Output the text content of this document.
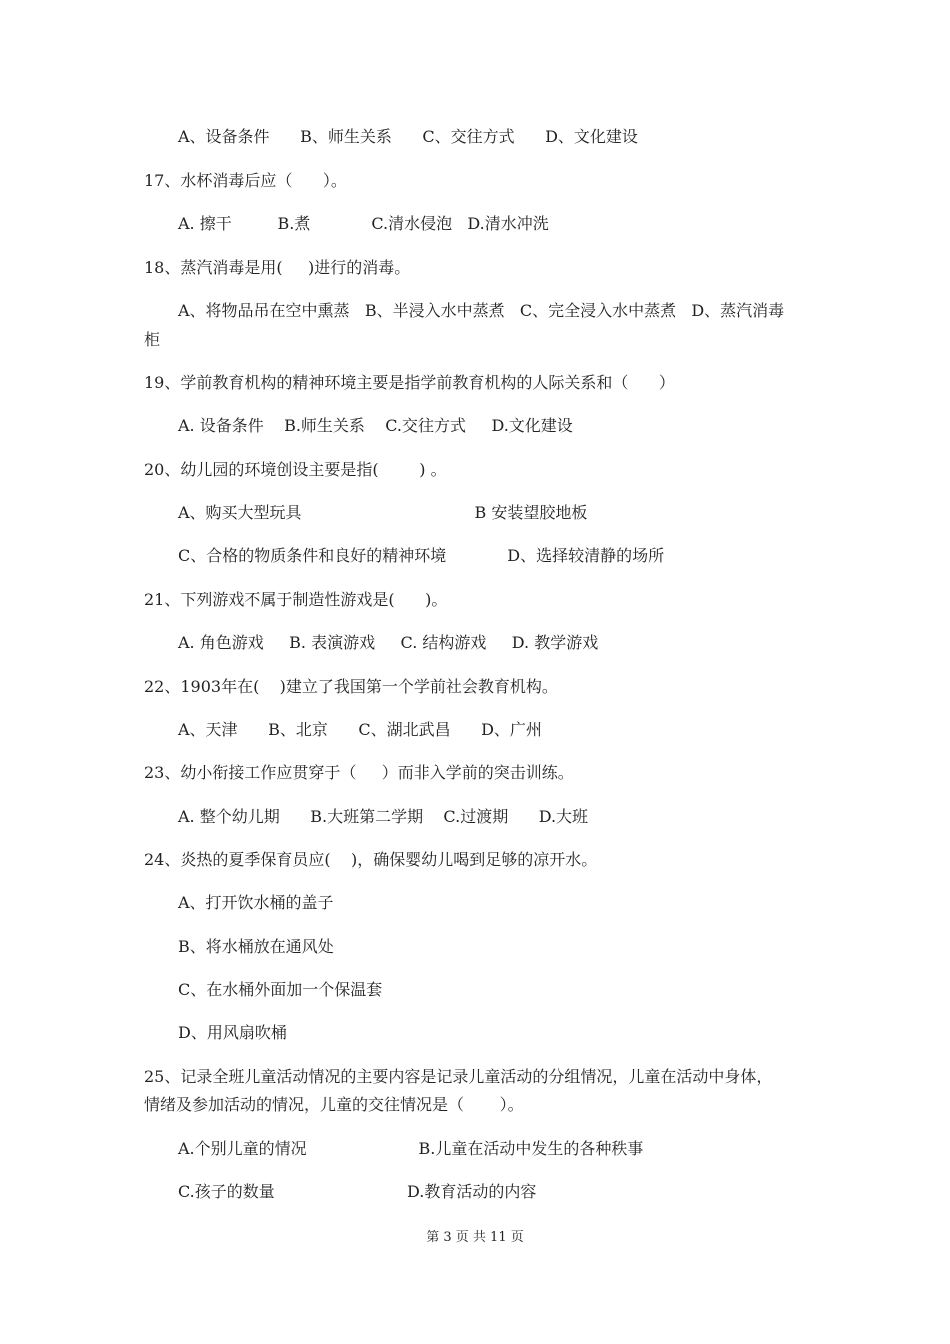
A、设备条件      B、师生关系      C、交往方式      D、文化建设
17、水杯消毒后应（      ）。
A. 擦干         B.煮            C.清水侵泡   D.清水冲洗
18、蒸汽消毒是用(     )进行的消毒。
A、将物品吊在空中熏蒸   B、半浸入水中蒸煮   C、完全浸入水中蒸煮   D、蒸汽消毒
柜
19、学前教育机构的精神环境主要是指学前教育机构的人际关系和（      ）
A. 设备条件    B.师生关系    C.交往方式     D.文化建设
20、幼儿园的环境创设主要是指(        ) 。
A、购买大型玩具                                  B 安装望胶地板
C、合格的物质条件和良好的精神环境            D、选择较清静的场所
21、下列游戏不属于制造性游戏是(      )。
A. 角色游戏     B. 表演游戏     C. 结构游戏     D. 教学游戏
22、1903年在(    )建立了我国第一个学前社会教育机构。
A、天津      B、北京      C、湖北武昌      D、广州
23、幼小衔接工作应贯穿于（     ）而非入学前的突击训练。
A. 整个幼儿期      B.大班第二学期    C.过渡期      D.大班
24、炎热的夏季保育员应(    )，确保婴幼儿喝到足够的凉开水。
A、打开饮水桶的盖子
B、将水桶放在通风处
C、在水桶外面加一个保温套
D、用风扇吹桶
25、记录全班儿童活动情况的主要内容是记录儿童活动的分组情况，儿童在活动中身体，
情绪及参加活动的情况，儿童的交往情况是（       ）。
A.个别儿童的情况                      B.儿童在活动中发生的各种秩事
C.孩子的数量                          D.教育活动的内容
第 3 页 共 11 页
